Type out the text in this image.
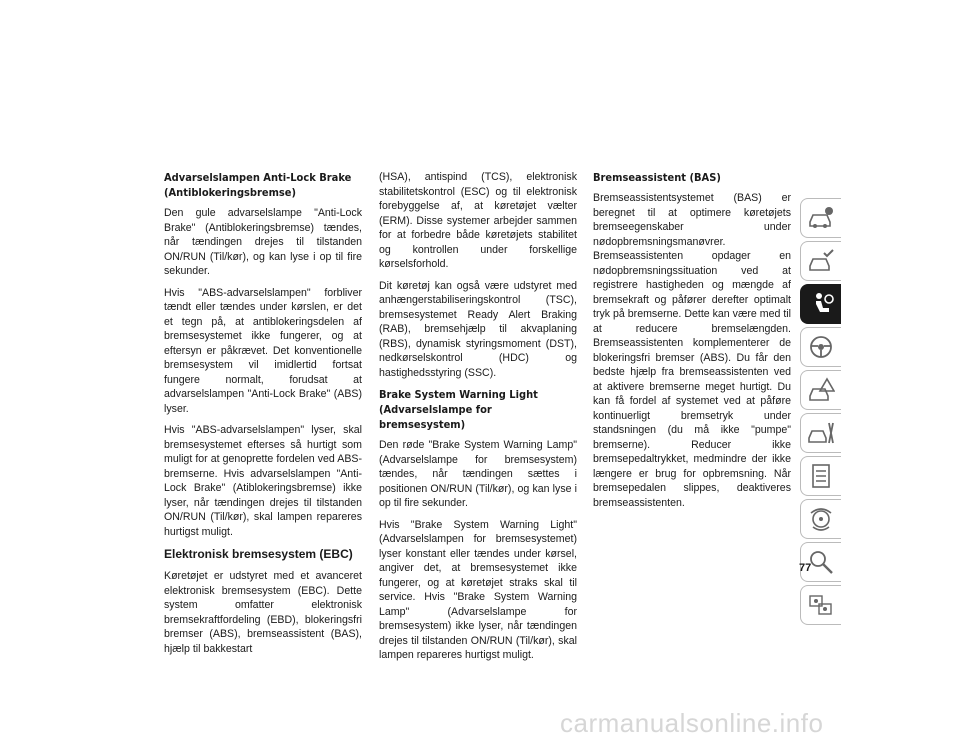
Advarselslampen Anti-Lock Brake (Antiblokeringsbremse)

Den gule advarselslampe "Anti-Lock Brake" (Antiblokeringsbremse) tændes, når tændingen drejes til tilstanden ON/RUN (Til/kør), og kan lyse i op til fire sekunder.

Hvis "ABS-advarselslampen" forbliver tændt eller tændes under kørslen, er det et tegn på, at antiblokeringsdelen af bremsesystemet ikke fungerer, og at eftersyn er påkrævet. Det konventionelle bremsesystem vil imidlertid fortsat fungere normalt, forudsat at advarselslampen "Anti-Lock Brake" (ABS) lyser.

Hvis "ABS-advarselslampen" lyser, skal bremsesystemet efterses så hurtigt som muligt for at genoprette fordelen ved ABS-bremserne. Hvis advarselslampen "Anti-Lock Brake" (Atiblokeringsbremse) ikke lyser, når tændingen drejes til tilstanden ON/RUN (Til/kør), skal lampen repareres hurtigst muligt.

Elektronisk bremsesystem (EBC)

Køretøjet er udstyret med et avanceret elektronisk bremsesystem (EBC). Dette system omfatter elektronisk bremsekraftfordeling (EBD), blokeringsfri bremser (ABS), bremseassistent (BAS), hjælp til bakkestart

(HSA), antispind (TCS), elektronisk stabilitetskontrol (ESC) og til elektronisk forebyggelse af, at køretøjet vælter (ERM). Disse systemer arbejder sammen for at forbedre både køretøjets stabilitet og kontrollen under forskellige kørselsforhold.

Dit køretøj kan også være udstyret med anhængerstabiliseringskontrol (TSC), bremsesystemet Ready Alert Braking (RAB), bremsehjælp til akvaplaning (RBS), dynamisk styringsmoment (DST), nedkørselskontrol (HDC) og hastighedsstyring (SSC).

Brake System Warning Light (Advarselslampe for bremsesystem)

Den røde "Brake System Warning Lamp" (Advarselslampe for bremsesystem) tændes, når tændingen sættes i positionen ON/RUN (Til/kør), og kan lyse i op til fire sekunder.

Hvis "Brake System Warning Light" (Advarselslampen for bremsesystemet) lyser konstant eller tændes under kørsel, angiver det, at bremsesystemet ikke fungerer, og at køretøjet straks skal til service. Hvis "Brake System Warning Lamp" (Advarselslampe for bremsesystem) ikke lyser, når tændingen drejes til tilstanden ON/RUN (Til/kør), skal lampen repareres hurtigst muligt.

Bremseassistent (BAS)

Bremseassistentsystemet (BAS) er beregnet til at optimere køretøjets bremseegenskaber under nødopbremsningsmanøvrer. Bremseassistenten opdager en nødopbremsningssituation ved at registrere hastigheden og mængde af bremsekraft og påfører derefter optimalt tryk på bremserne. Dette kan være med til at reducere bremselængden. Bremseassistenten komplementerer de blokeringsfri bremser (ABS). Du får den bedste hjælp fra bremseassistenten ved at aktivere bremserne meget hurtigt. Du kan få fordel af systemet ved at påføre kontinuerligt bremsetryk under standsningen (du må ikke "pumpe" bremserne). Reducer ikke bremsepedaltrykket, medmindre der ikke længere er brug for opbremsning. Når bremsepedalen slippes, deaktiveres bremseassistenten.

77
carmanualsonline.info
